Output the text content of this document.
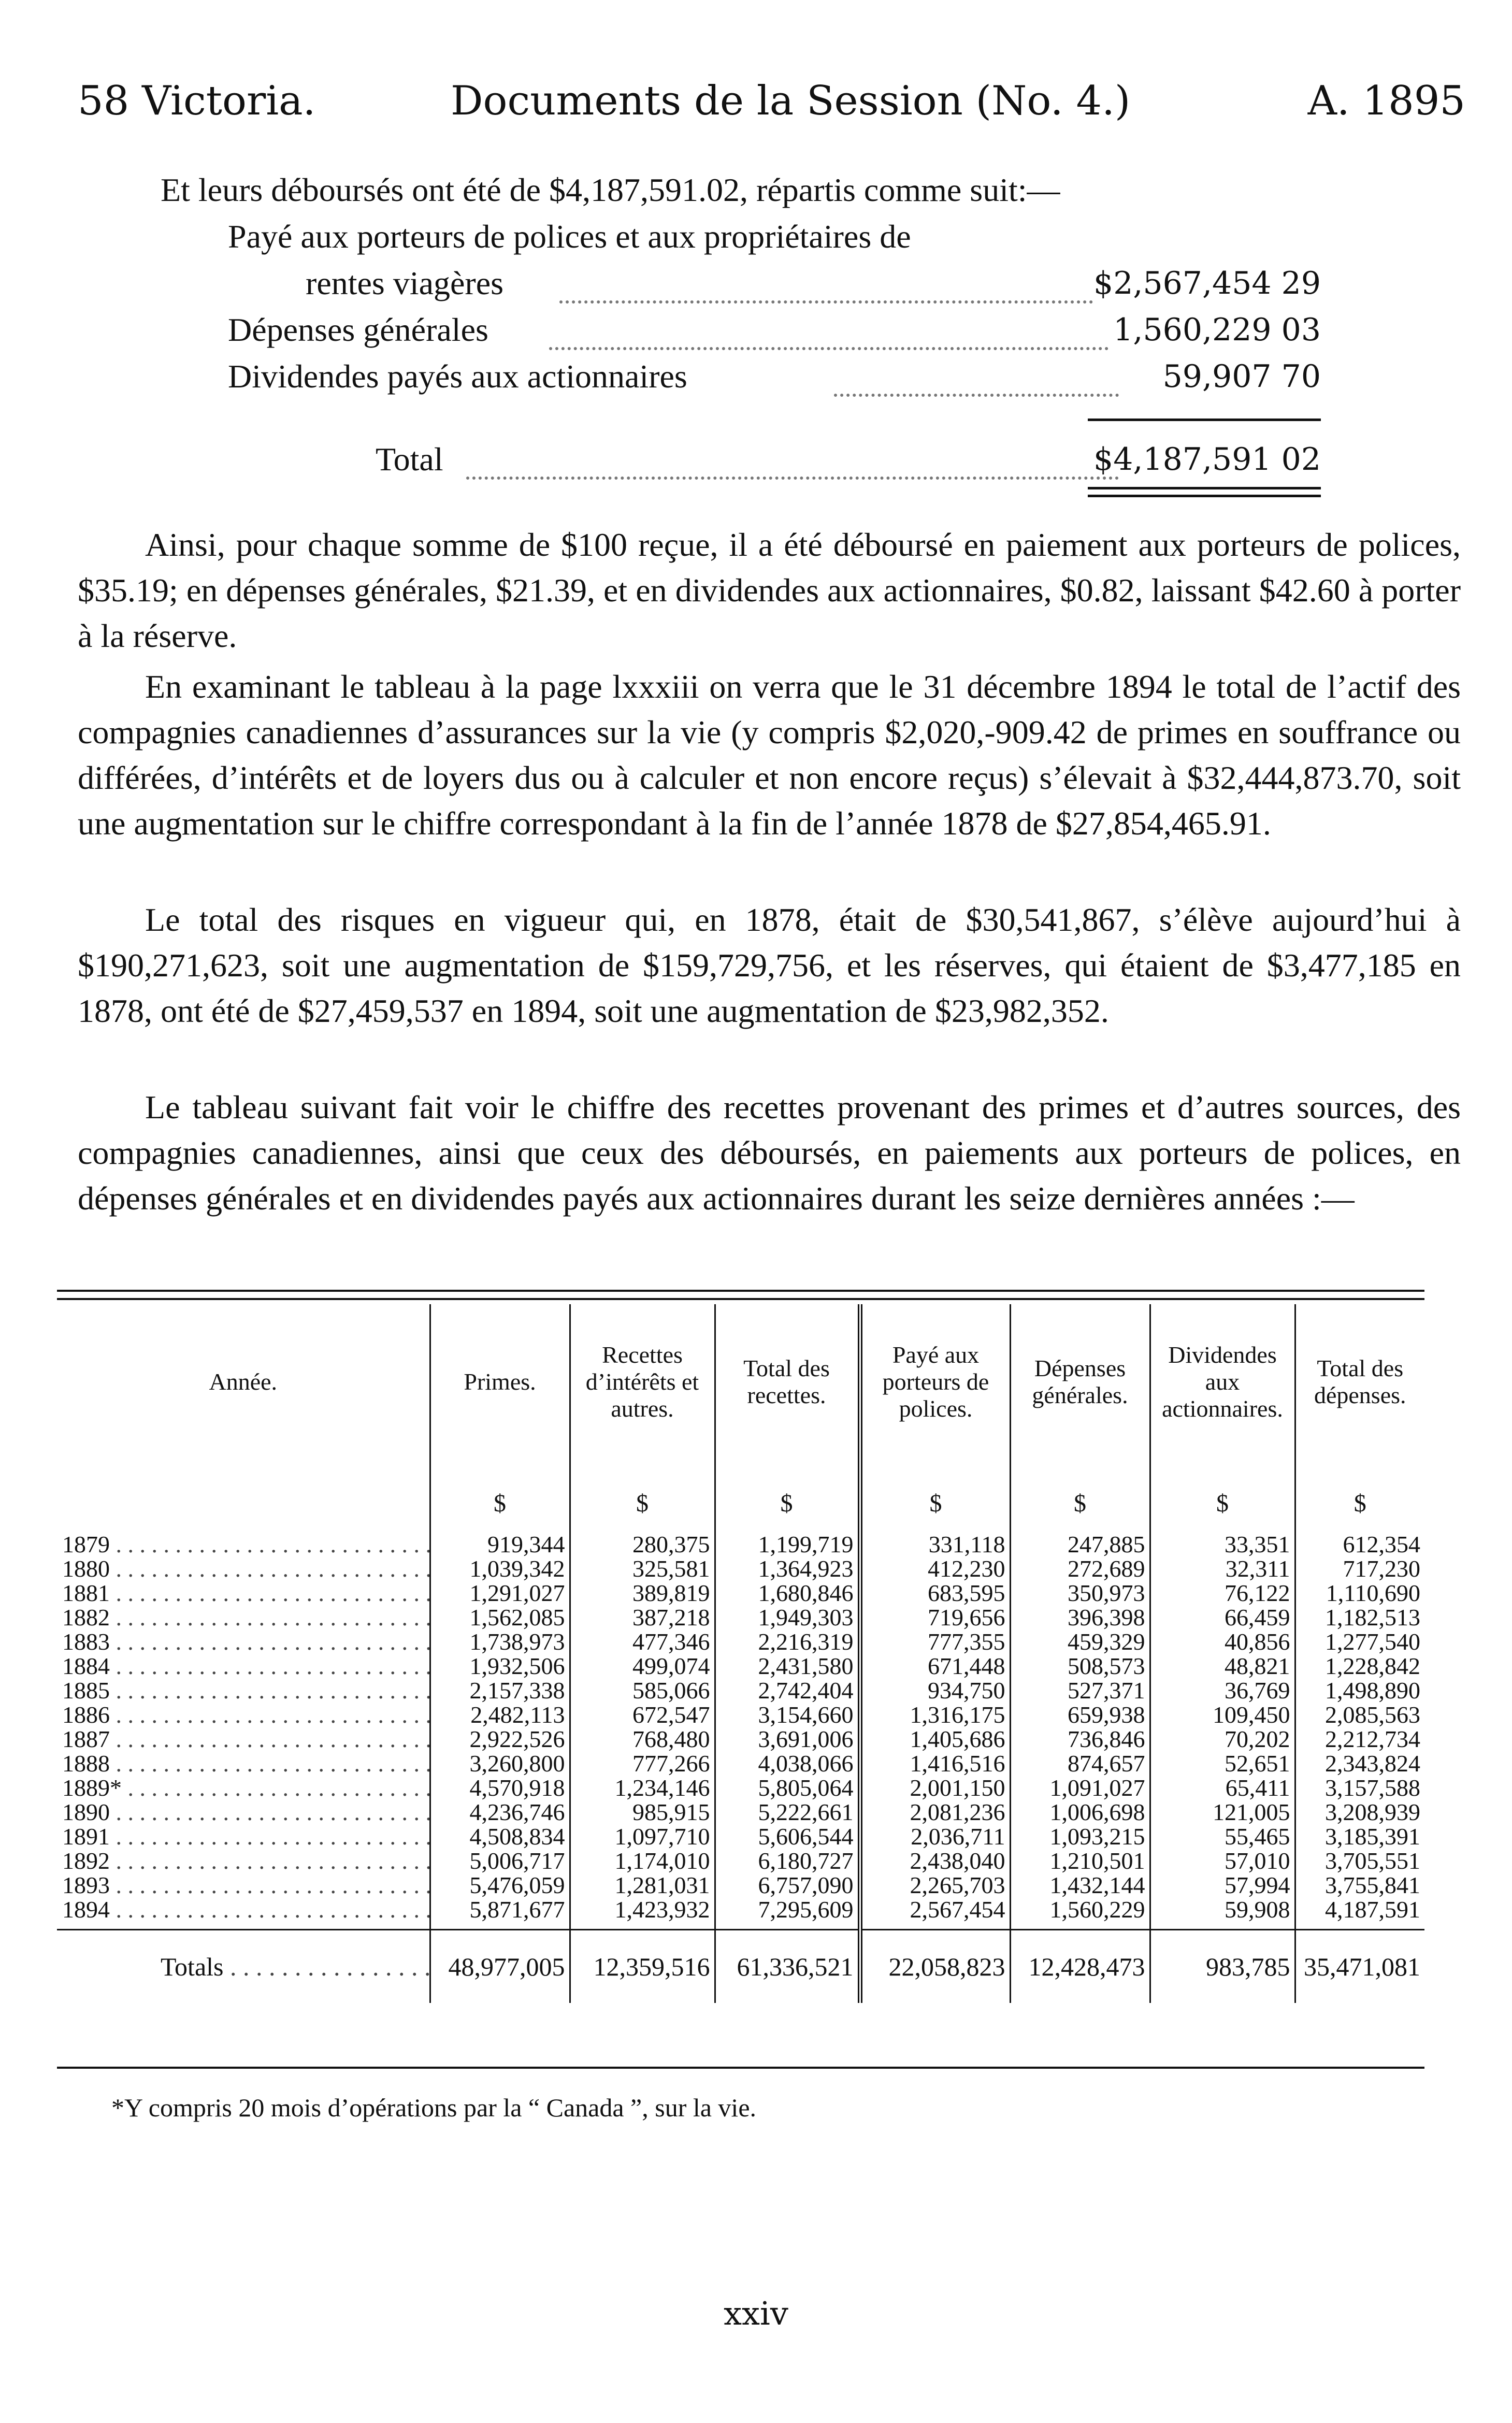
58 Victoria.	Documents de la Session (No. 4.)	A. 1895
Et leurs déboursés ont été de $4,187,591.02, répartis comme suit:—
Payé aux porteurs de polices et aux propriétaires de
rentes viagères	$2,567,454 29
Dépenses générales	1,560,229 03
Dividendes payés aux actionnaires	59,907 70
Total	$4,187,591 02
Ainsi, pour chaque somme de $100 reçue, il a été déboursé en paiement aux porteurs de polices, $35.19; en dépenses générales, $21.39, et en dividendes aux actionnaires, $0.82, laissant $42.60 à porter à la réserve.
En examinant le tableau à la page lxxxiii on verra que le 31 décembre 1894 le total de l’actif des compagnies canadiennes d’assurances sur la vie (y compris $2,020,-909.42 de primes en souffrance ou différées, d’intérêts et de loyers dus ou à calculer et non encore reçus) s’élevait à $32,444,873.70, soit une augmentation sur le chiffre correspondant à la fin de l’année 1878 de $27,854,465.91.
Le total des risques en vigueur qui, en 1878, était de $30,541,867, s’élève aujourd’hui à $190,271,623, soit une augmentation de $159,729,756, et les réserves, qui étaient de $3,477,185 en 1878, ont été de $27,459,537 en 1894, soit une augmentation de $23,982,352.
Le tableau suivant fait voir le chiffre des recettes provenant des primes et d’autres sources, des compagnies canadiennes, ainsi que ceux des déboursés, en paiements aux porteurs de polices, en dépenses générales et en dividendes payés aux actionnaires durant les seize dernières années :—
Année.	Primes.	Recettes d’intérêts et autres.	Total des recettes.	Payé aux porteurs de polices.	Dépenses générales.	Dividendes aux actionnaires.	Total des dépenses.
	$	$	$	$	$	$	$
1879 . . .	919,344	280,375	1,199,719	331,118	247,885	33,351	612,354
1880 . . .	1,039,342	325,581	1,364,923	412,230	272,689	32,311	717,230
1881 . . .	1,291,027	389,819	1,680,846	683,595	350,973	76,122	1,110,690
1882 . . .	1,562,085	387,218	1,949,303	719,656	396,398	66,459	1,182,513
1883 . . .	1,738,973	477,346	2,216,319	777,355	459,329	40,856	1,277,540
1884 . . .	1,932,506	499,074	2,431,580	671,448	508,573	48,821	1,228,842
1885 . . .	2,157,338	585,066	2,742,404	934,750	527,371	36,769	1,498,890
1886 . . .	2,482,113	672,547	3,154,660	1,316,175	659,938	109,450	2,085,563
1887 . . .	2,922,526	768,480	3,691,006	1,405,686	736,846	70,202	2,212,734
1888 . . .	3,260,800	777,266	4,038,066	1,416,516	874,657	52,651	2,343,824
1889* . . .	4,570,918	1,234,146	5,805,064	2,001,150	1,091,027	65,411	3,157,588
1890 . . .	4,236,746	985,915	5,222,661	2,081,236	1,006,698	121,005	3,208,939
1891 . . .	4,508,834	1,097,710	5,606,544	2,036,711	1,093,215	55,465	3,185,391
1892 . . .	5,006,717	1,174,010	6,180,727	2,438,040	1,210,501	57,010	3,705,551
1893 . . .	5,476,059	1,281,031	6,757,090	2,265,703	1,432,144	57,994	3,755,841
1894 . . .	5,871,677	1,423,932	7,295,609	2,567,454	1,560,229	59,908	4,187,591

Totals . . .	48,977,005	12,359,516	61,336,521	22,058,823	12,428,473	983,785	35,471,081
*Y compris 20 mois d’opérations par la “ Canada ”, sur la vie.
xxiv
